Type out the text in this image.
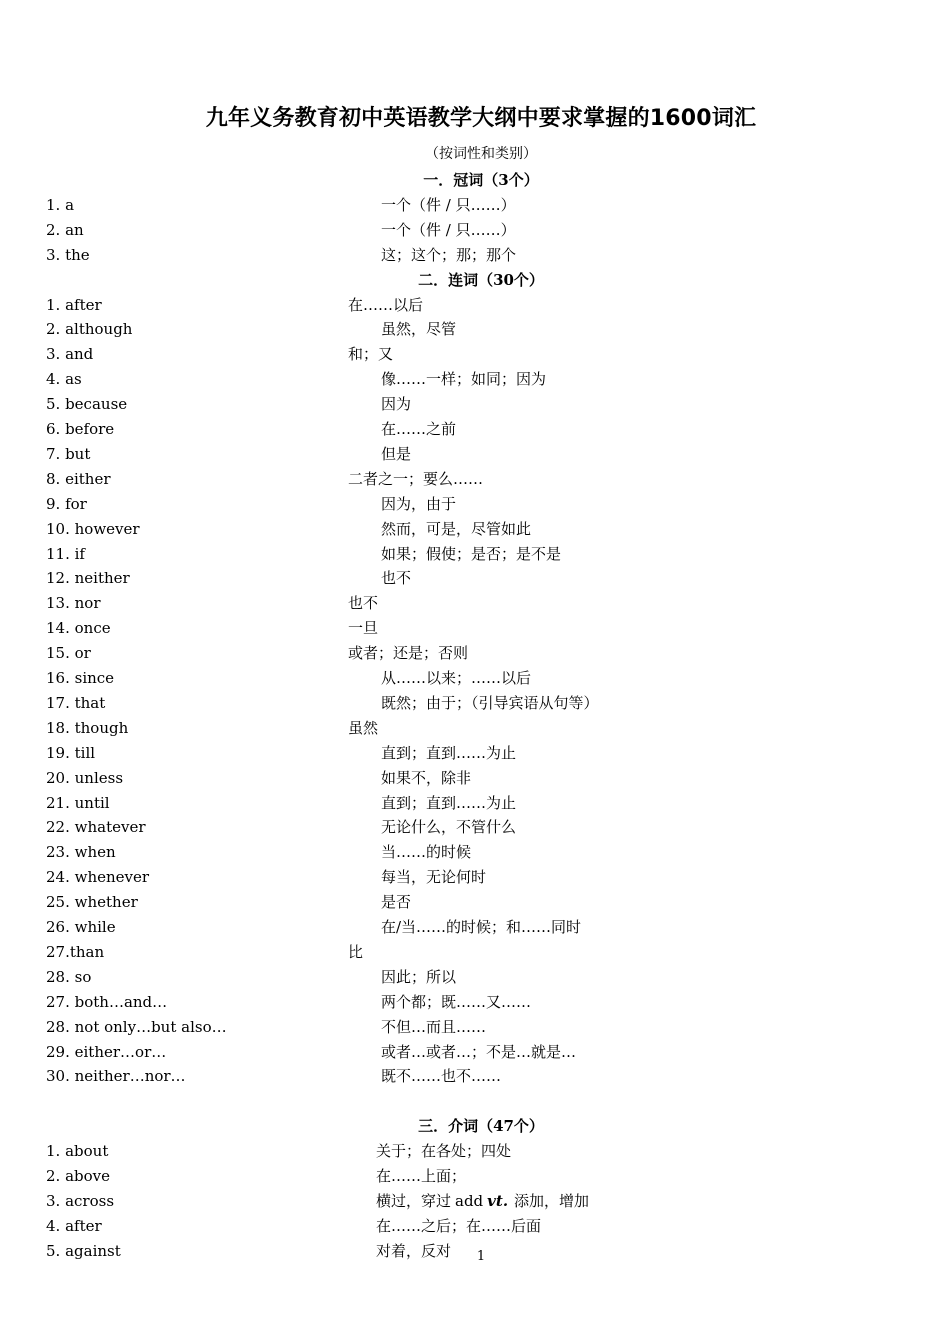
九年义务教育初中英语教学大纲中要求掌握的1600词汇
（按词性和类别）
一．冠词（3个）
1. a	一个（件 / 只……）
2. an	一个（件 / 只……）
3. the	这；这个；那；那个
二．连词（30个）
1. after	在……以后
2. although	虽然，尽管
3. and	和；又
4. as	像……一样；如同；因为
5. because	因为
6. before	在……之前
7. but	但是
8. either	二者之一；要么……
9. for	因为，由于
10. however	然而，可是，尽管如此
11. if	如果；假使；是否；是不是
12. neither	也不
13. nor	也不
14. once	一旦
15. or	或者；还是；否则
16. since	从……以来；……以后
17. that	既然；由于；（引导宾语从句等）
18. though	虽然
19. till	直到；直到……为止
20. unless	如果不，除非
21. until	直到；直到……为止
22. whatever	无论什么，不管什么
23. when	当……的时候
24. whenever	每当，无论何时
25. whether	是否
26. while	在/当……的时候；和……同时
27.than	比
28. so	因此；所以
27. both…and…	两个都；既……又……
28. not only…but also…	不但…而且……
29. either…or…	或者…或者…；不是…就是…
30. neither…nor…	既不……也不……
三．介词（47个）
1. about	关于；在各处；四处
2. above	在……上面；
3. across	横过，穿过 add vt. 添加，增加
4. after	在……之后；在……后面
5. against	对着，反对	1
